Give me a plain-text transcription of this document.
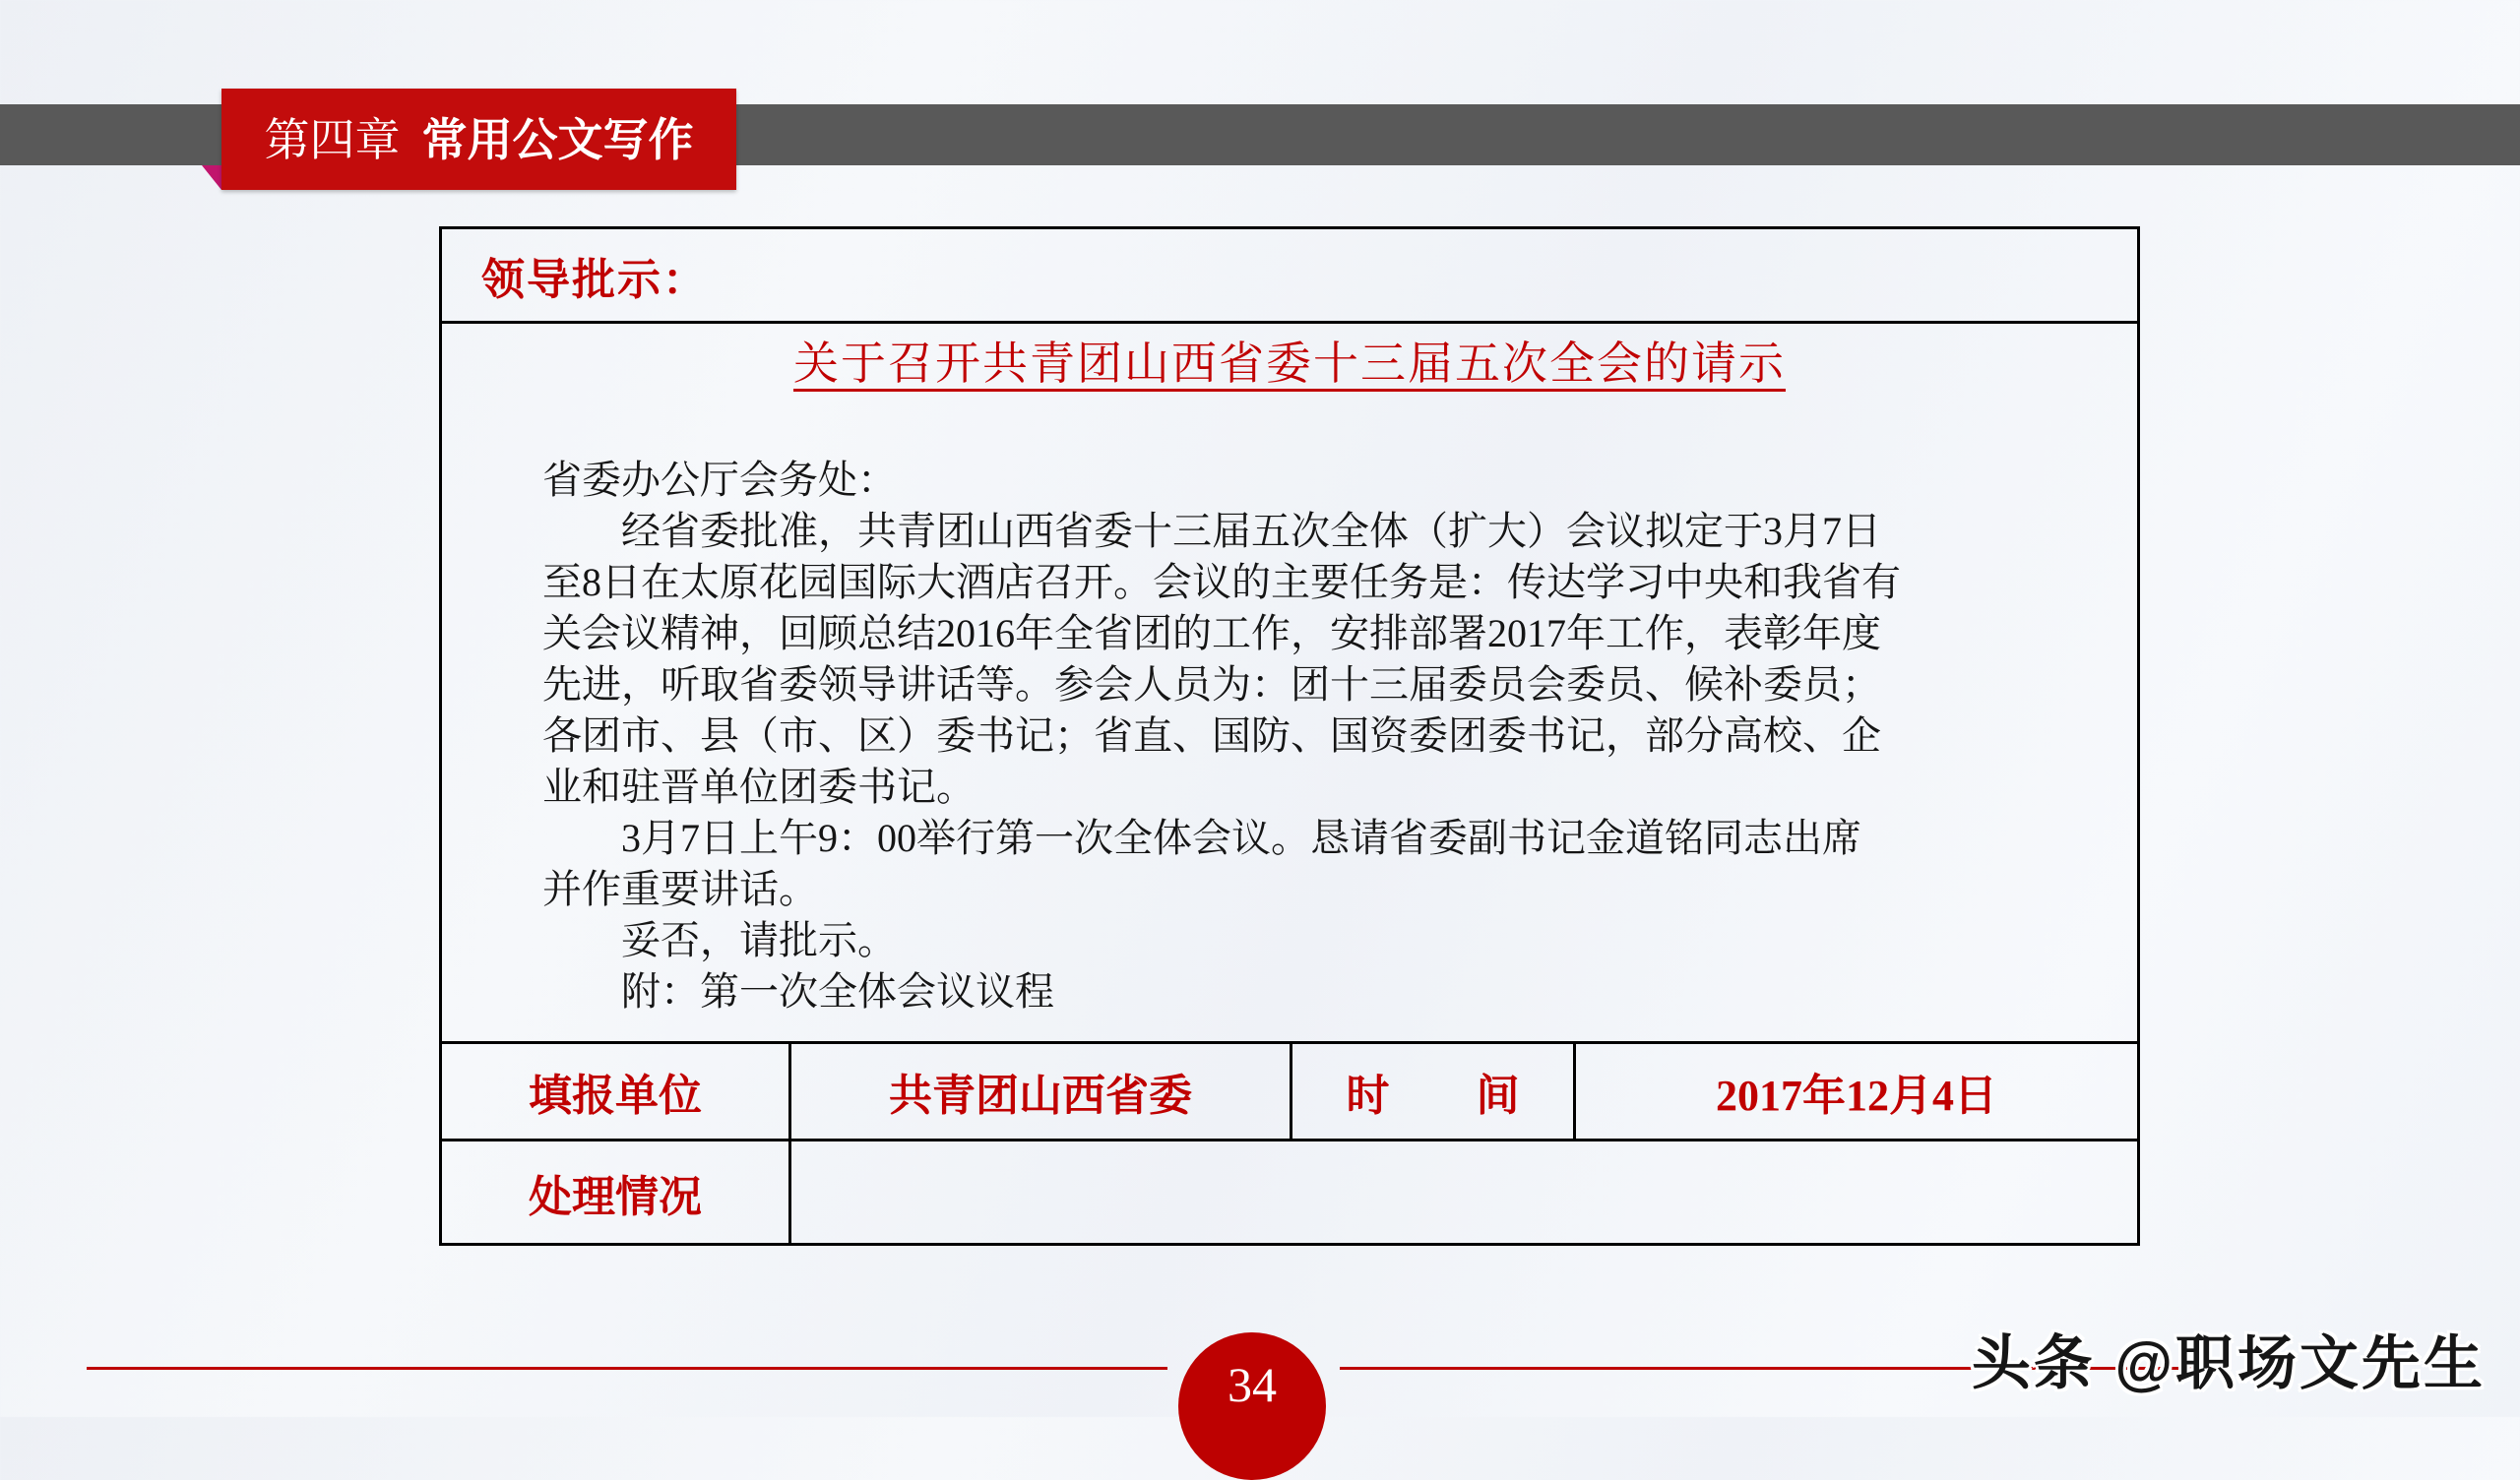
第四章 常用公文写作
领导批示：
关于召开共青团山西省委十三届五次全会的请示
省委办公厅会务处：
　　经省委批准，共青团山西省委十三届五次全体（扩大）会议拟定于3月7日
至8日在太原花园国际大酒店召开。会议的主要任务是：传达学习中央和我省有
关会议精神，回顾总结2016年全省团的工作，安排部署2017年工作，表彰年度
先进，听取省委领导讲话等。参会人员为：团十三届委员会委员、候补委员；
各团市、县（市、区）委书记；省直、国防、国资委团委书记，部分高校、企
业和驻晋单位团委书记。
　　3月7日上午9：00举行第一次全体会议。恳请省委副书记金道铭同志出席
并作重要讲话。
　　妥否，请批示。
　　附：第一次全体会议议程
填报单位	共青团山西省委	时　　间	2017年12月4日
处理情况
34	头条 @职场文先生
